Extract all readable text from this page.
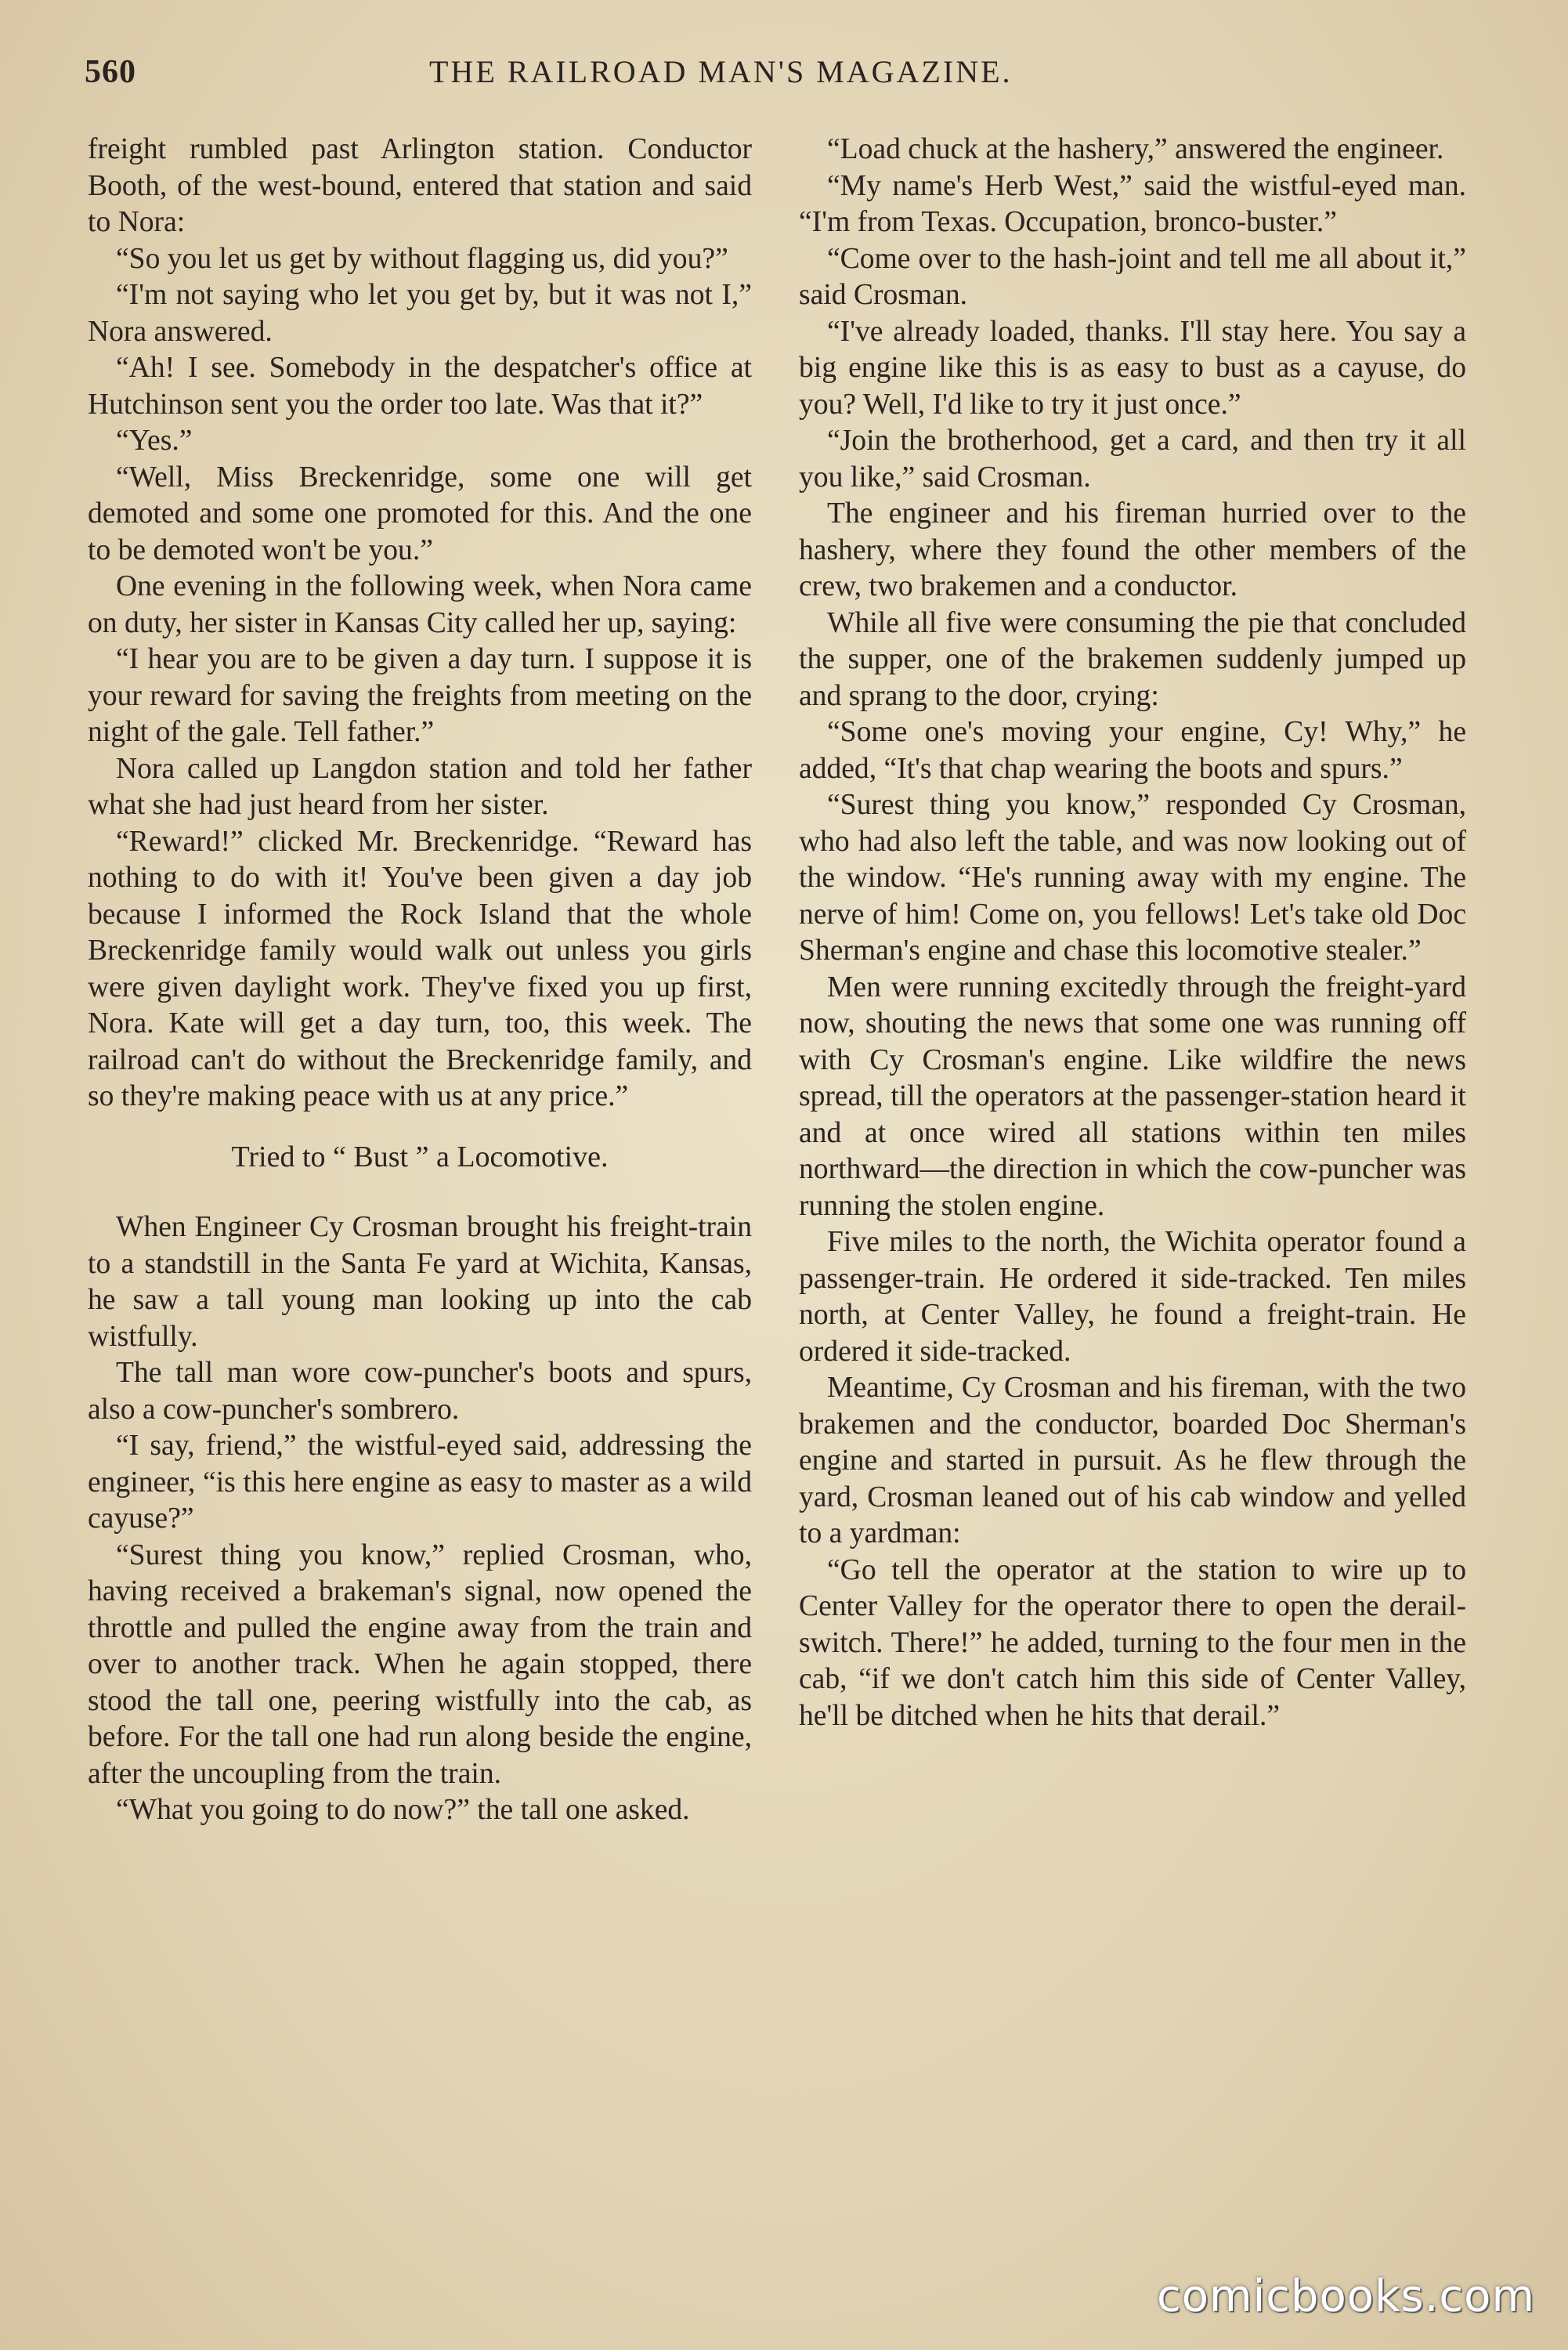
560	THE RAILROAD MAN'S MAGAZINE.

freight rumbled past Arlington station. Conductor Booth, of the west-bound, entered that station and said to Nora:

“So you let us get by without flagging us, did you?”

“I'm not saying who let you get by, but it was not I,” Nora answered.

“Ah! I see. Somebody in the despatcher's office at Hutchinson sent you the order too late. Was that it?”

“Yes.”

“Well, Miss Breckenridge, some one will get demoted and some one promoted for this. And the one to be demoted won't be you.”

One evening in the following week, when Nora came on duty, her sister in Kansas City called her up, saying:

“I hear you are to be given a day turn. I suppose it is your reward for saving the freights from meeting on the night of the gale. Tell father.”

Nora called up Langdon station and told her father what she had just heard from her sister.

“Reward!” clicked Mr. Breckenridge. “Reward has nothing to do with it! You've been given a day job because I informed the Rock Island that the whole Breckenridge family would walk out unless you girls were given daylight work. They've fixed you up first, Nora. Kate will get a day turn, too, this week. The railroad can't do without the Breckenridge family, and so they're making peace with us at any price.”

Tried to “ Bust ” a Locomotive.

When Engineer Cy Crosman brought his freight-train to a standstill in the Santa Fe yard at Wichita, Kansas, he saw a tall young man looking up into the cab wistfully.

The tall man wore cow-puncher's boots and spurs, also a cow-puncher's sombrero.

“I say, friend,” the wistful-eyed said, addressing the engineer, “is this here engine as easy to master as a wild cayuse?”

“Surest thing you know,” replied Crosman, who, having received a brakeman's signal, now opened the throttle and pulled the engine away from the train and over to another track. When he again stopped, there stood the tall one, peering wistfully into the cab, as before. For the tall one had run along beside the engine, after the uncoupling from the train.

“What you going to do now?” the tall one asked.

“Load chuck at the hashery,” answered the engineer.

“My name's Herb West,” said the wistful-eyed man. “I'm from Texas. Occupation, bronco-buster.”

“Come over to the hash-joint and tell me all about it,” said Crosman.

“I've already loaded, thanks. I'll stay here. You say a big engine like this is as easy to bust as a cayuse, do you? Well, I'd like to try it just once.”

“Join the brotherhood, get a card, and then try it all you like,” said Crosman.

The engineer and his fireman hurried over to the hashery, where they found the other members of the crew, two brakemen and a conductor.

While all five were consuming the pie that concluded the supper, one of the brakemen suddenly jumped up and sprang to the door, crying:

“Some one's moving your engine, Cy! Why,” he added, “It's that chap wearing the boots and spurs.”

“Surest thing you know,” responded Cy Crosman, who had also left the table, and was now looking out of the window. “He's running away with my engine. The nerve of him! Come on, you fellows! Let's take old Doc Sherman's engine and chase this locomotive stealer.”

Men were running excitedly through the freight-yard now, shouting the news that some one was running off with Cy Crosman's engine. Like wildfire the news spread, till the operators at the passenger-station heard it and at once wired all stations within ten miles northward—the direction in which the cow-puncher was running the stolen engine.

Five miles to the north, the Wichita operator found a passenger-train. He ordered it side-tracked. Ten miles north, at Center Valley, he found a freight-train. He ordered it side-tracked.

Meantime, Cy Crosman and his fireman, with the two brakemen and the conductor, boarded Doc Sherman's engine and started in pursuit. As he flew through the yard, Crosman leaned out of his cab window and yelled to a yardman:

“Go tell the operator at the station to wire up to Center Valley for the operator there to open the derail-switch. There!” he added, turning to the four men in the cab, “if we don't catch him this side of Center Valley, he'll be ditched when he hits that derail.”

comicbooks.com
